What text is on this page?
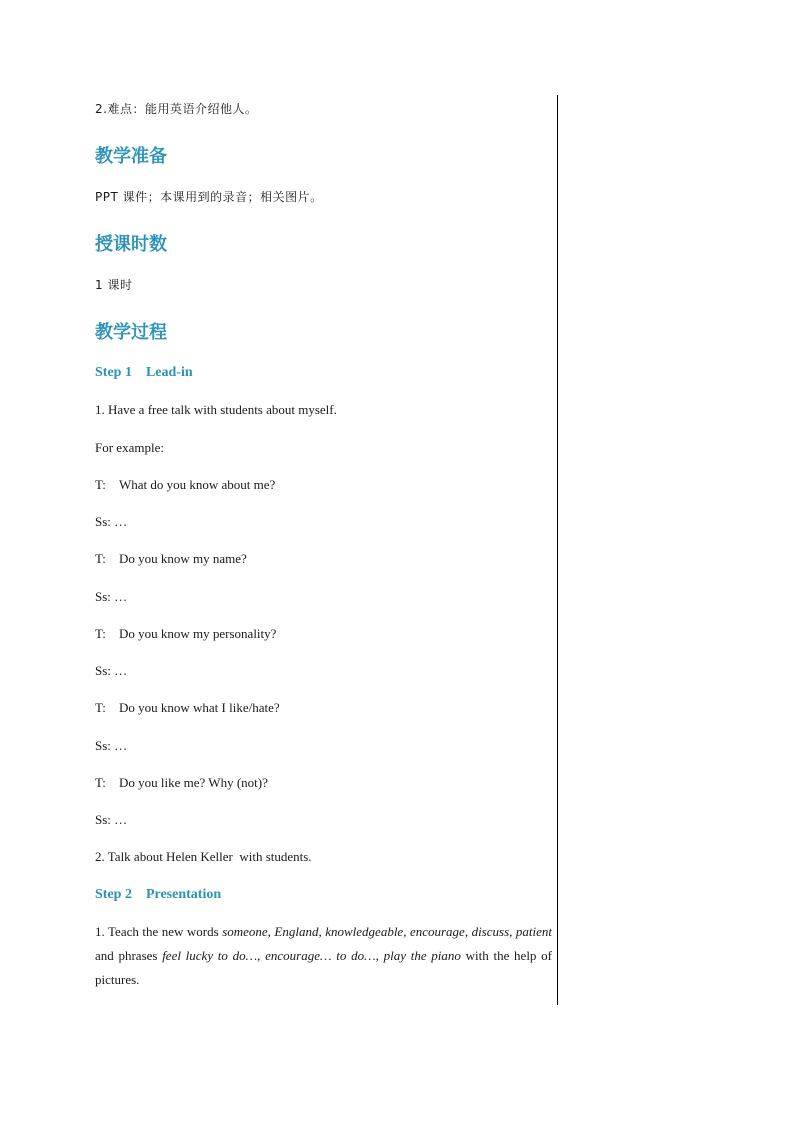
2.难点：能用英语介绍他人。

教学准备

PPT 课件；本课用到的录音；相关图片。

授课时数

1 课时

教学过程

Step 1 Lead-in

1. Have a free talk with students about myself.

For example:

T: What do you know about me?

Ss: …

T: Do you know my name?

Ss: …

T: Do you know my personality?

Ss: …

T: Do you know what I like/hate?

Ss: …

T: Do you like me? Why (not)?

Ss: …

2. Talk about Helen Keller  with students.

Step 2 Presentation

1. Teach the new words someone, England, knowledgeable, encourage, discuss, patient and phrases feel lucky to do…, encourage… to do…, play the piano with the help of pictures.
